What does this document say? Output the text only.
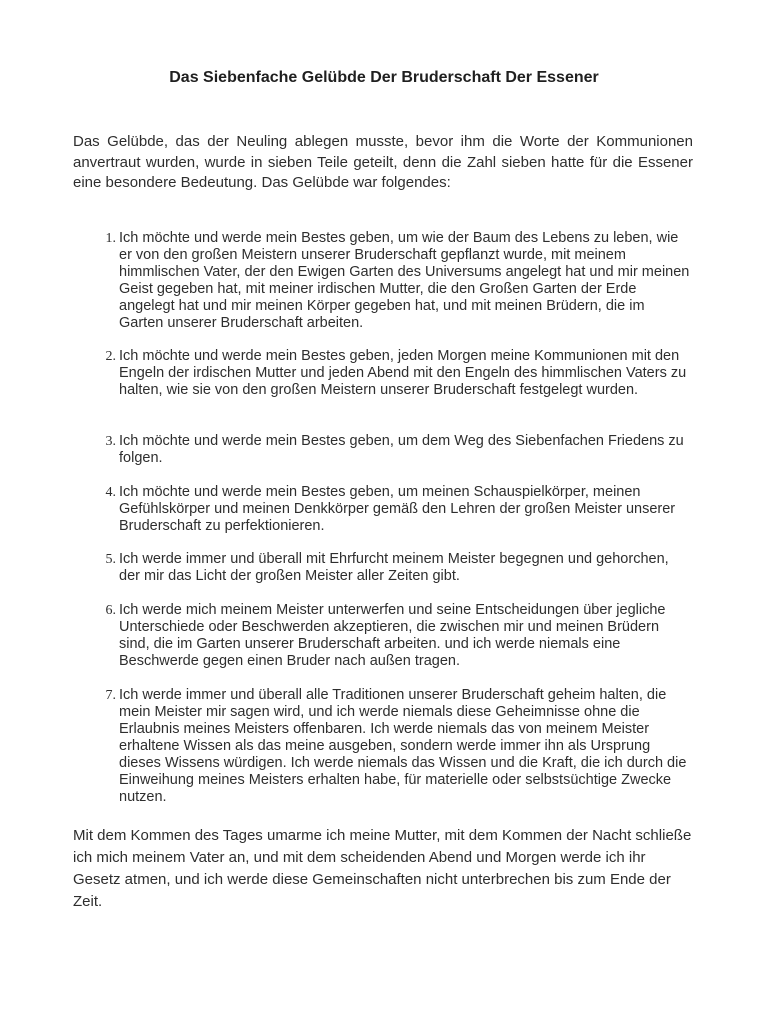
Das Siebenfache Gelübde Der Bruderschaft Der Essener

Das Gelübde, das der Neuling ablegen musste, bevor ihm die Worte der Kommunionen anvertraut wurden, wurde in sieben Teile geteilt, denn die Zahl sieben hatte für die Essener eine besondere Bedeutung. Das Gelübde war folgendes:

1. Ich möchte und werde mein Bestes geben, um wie der Baum des Lebens zu leben, wie er von den großen Meistern unserer Bruderschaft gepflanzt wurde, mit meinem himmlischen Vater, der den Ewigen Garten des Universums angelegt hat und mir meinen Geist gegeben hat, mit meiner irdischen Mutter, die den Großen Garten der Erde angelegt hat und mir meinen Körper gegeben hat, und mit meinen Brüdern, die im Garten unserer Bruderschaft arbeiten.
2. Ich möchte und werde mein Bestes geben, jeden Morgen meine Kommunionen mit den Engeln der irdischen Mutter und jeden Abend mit den Engeln des himmlischen Vaters zu halten, wie sie von den großen Meistern unserer Bruderschaft festgelegt wurden.
3. Ich möchte und werde mein Bestes geben, um dem Weg des Siebenfachen Friedens zu folgen.
4. Ich möchte und werde mein Bestes geben, um meinen Schauspielkörper, meinen Gefühlskörper und meinen Denkkörper gemäß den Lehren der großen Meister unserer Bruderschaft zu perfektionieren.
5. Ich werde immer und überall mit Ehrfurcht meinem Meister begegnen und gehorchen, der mir das Licht der großen Meister aller Zeiten gibt.
6. Ich werde mich meinem Meister unterwerfen und seine Entscheidungen über jegliche Unterschiede oder Beschwerden akzeptieren, die zwischen mir und meinen Brüdern sind, die im Garten unserer Bruderschaft arbeiten. und ich werde niemals eine Beschwerde gegen einen Bruder nach außen tragen.
7. Ich werde immer und überall alle Traditionen unserer Bruderschaft geheim halten, die mein Meister mir sagen wird, und ich werde niemals diese Geheimnisse ohne die Erlaubnis meines Meisters offenbaren. Ich werde niemals das von meinem Meister erhaltene Wissen als das meine ausgeben, sondern werde immer ihn als Ursprung dieses Wissens würdigen. Ich werde niemals das Wissen und die Kraft, die ich durch die Einweihung meines Meisters erhalten habe, für materielle oder selbstsüchtige Zwecke nutzen.

Mit dem Kommen des Tages umarme ich meine Mutter, mit dem Kommen der Nacht schließe ich mich meinem Vater an, und mit dem scheidenden Abend und Morgen werde ich ihr Gesetz atmen, und ich werde diese Gemeinschaften nicht unterbrechen bis zum Ende der Zeit.
